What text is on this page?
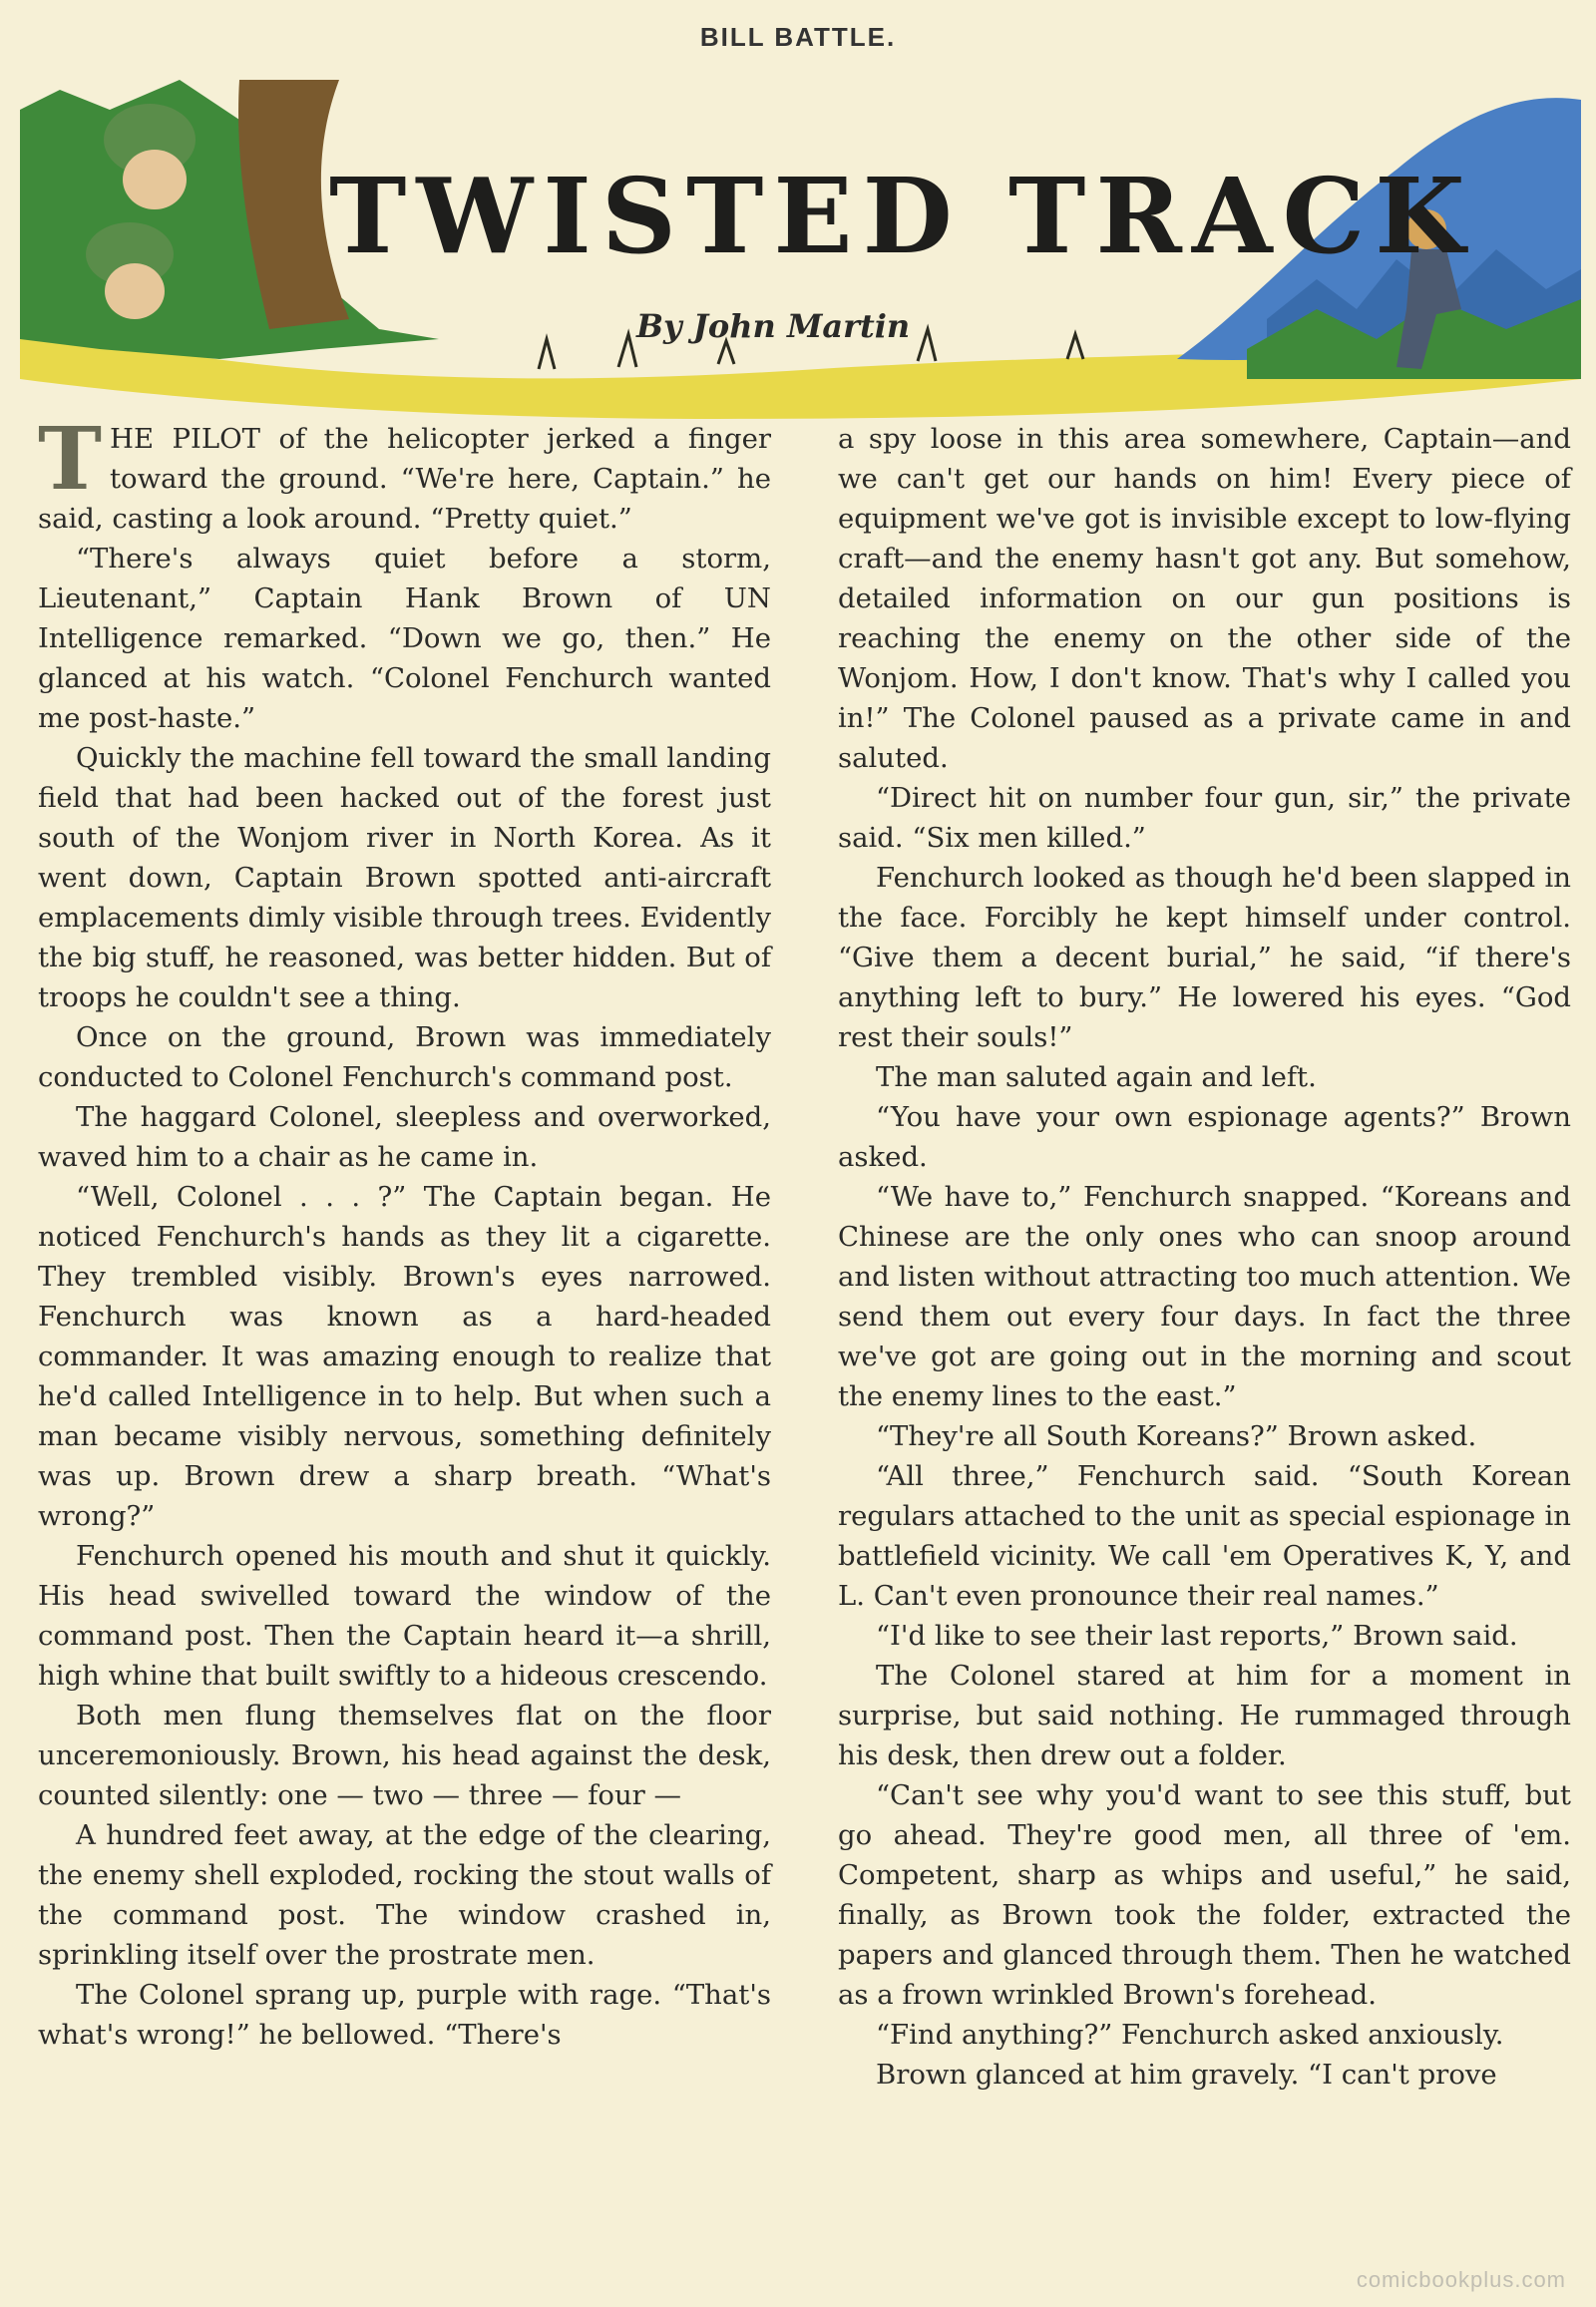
BILL BATTLE.
TWISTED TRACK
By John Martin

THE PILOT of the helicopter jerked a finger toward the ground. “We're here, Captain.” he said, casting a look around. “Pretty quiet.”

“There's always quiet before a storm, Lieutenant,” Captain Hank Brown of UN Intelligence remarked. “Down we go, then.” He glanced at his watch. “Colonel Fenchurch wanted me post-haste.”

Quickly the machine fell toward the small landing field that had been hacked out of the forest just south of the Wonjom river in North Korea. As it went down, Captain Brown spotted anti-aircraft emplacements dimly visible through trees. Evidently the big stuff, he reasoned, was better hidden. But of troops he couldn't see a thing.

Once on the ground, Brown was immediately conducted to Colonel Fenchurch's command post.

The haggard Colonel, sleepless and overworked, waved him to a chair as he came in.

“Well, Colonel . . . ?” The Captain began. He noticed Fenchurch's hands as they lit a cigarette. They trembled visibly. Brown's eyes narrowed. Fenchurch was known as a hard-headed commander. It was amazing enough to realize that he'd called Intelligence in to help. But when such a man became visibly nervous, something definitely was up. Brown drew a sharp breath. “What's wrong?”

Fenchurch opened his mouth and shut it quickly. His head swivelled toward the window of the command post. Then the Captain heard it—a shrill, high whine that built swiftly to a hideous crescendo.

Both men flung themselves flat on the floor unceremoniously. Brown, his head against the desk, counted silently: one — two — three — four —

A hundred feet away, at the edge of the clearing, the enemy shell exploded, rocking the stout walls of the command post. The window crashed in, sprinkling itself over the prostrate men.

The Colonel sprang up, purple with rage. “That's what's wrong!” he bellowed. “There's

a spy loose in this area somewhere, Captain—and we can't get our hands on him! Every piece of equipment we've got is invisible except to low-flying craft—and the enemy hasn't got any. But somehow, detailed information on our gun positions is reaching the enemy on the other side of the Wonjom. How, I don't know. That's why I called you in!” The Colonel paused as a private came in and saluted.

“Direct hit on number four gun, sir,” the private said. “Six men killed.”

Fenchurch looked as though he'd been slapped in the face. Forcibly he kept himself under control. “Give them a decent burial,” he said, “if there's anything left to bury.” He lowered his eyes. “God rest their souls!”

The man saluted again and left.

“You have your own espionage agents?” Brown asked.

“We have to,” Fenchurch snapped. “Koreans and Chinese are the only ones who can snoop around and listen without attracting too much attention. We send them out every four days. In fact the three we've got are going out in the morning and scout the enemy lines to the east.”

“They're all South Koreans?” Brown asked.

“All three,” Fenchurch said. “South Korean regulars attached to the unit as special espionage in battlefield vicinity. We call 'em Operatives K, Y, and L. Can't even pronounce their real names.”

“I'd like to see their last reports,” Brown said.

The Colonel stared at him for a moment in surprise, but said nothing. He rummaged through his desk, then drew out a folder.

“Can't see why you'd want to see this stuff, but go ahead. They're good men, all three of 'em. Competent, sharp as whips and useful,” he said, finally, as Brown took the folder, extracted the papers and glanced through them. Then he watched as a frown wrinkled Brown's forehead.

“Find anything?” Fenchurch asked anxiously.

Brown glanced at him gravely. “I can't prove

comicbookplus.com
